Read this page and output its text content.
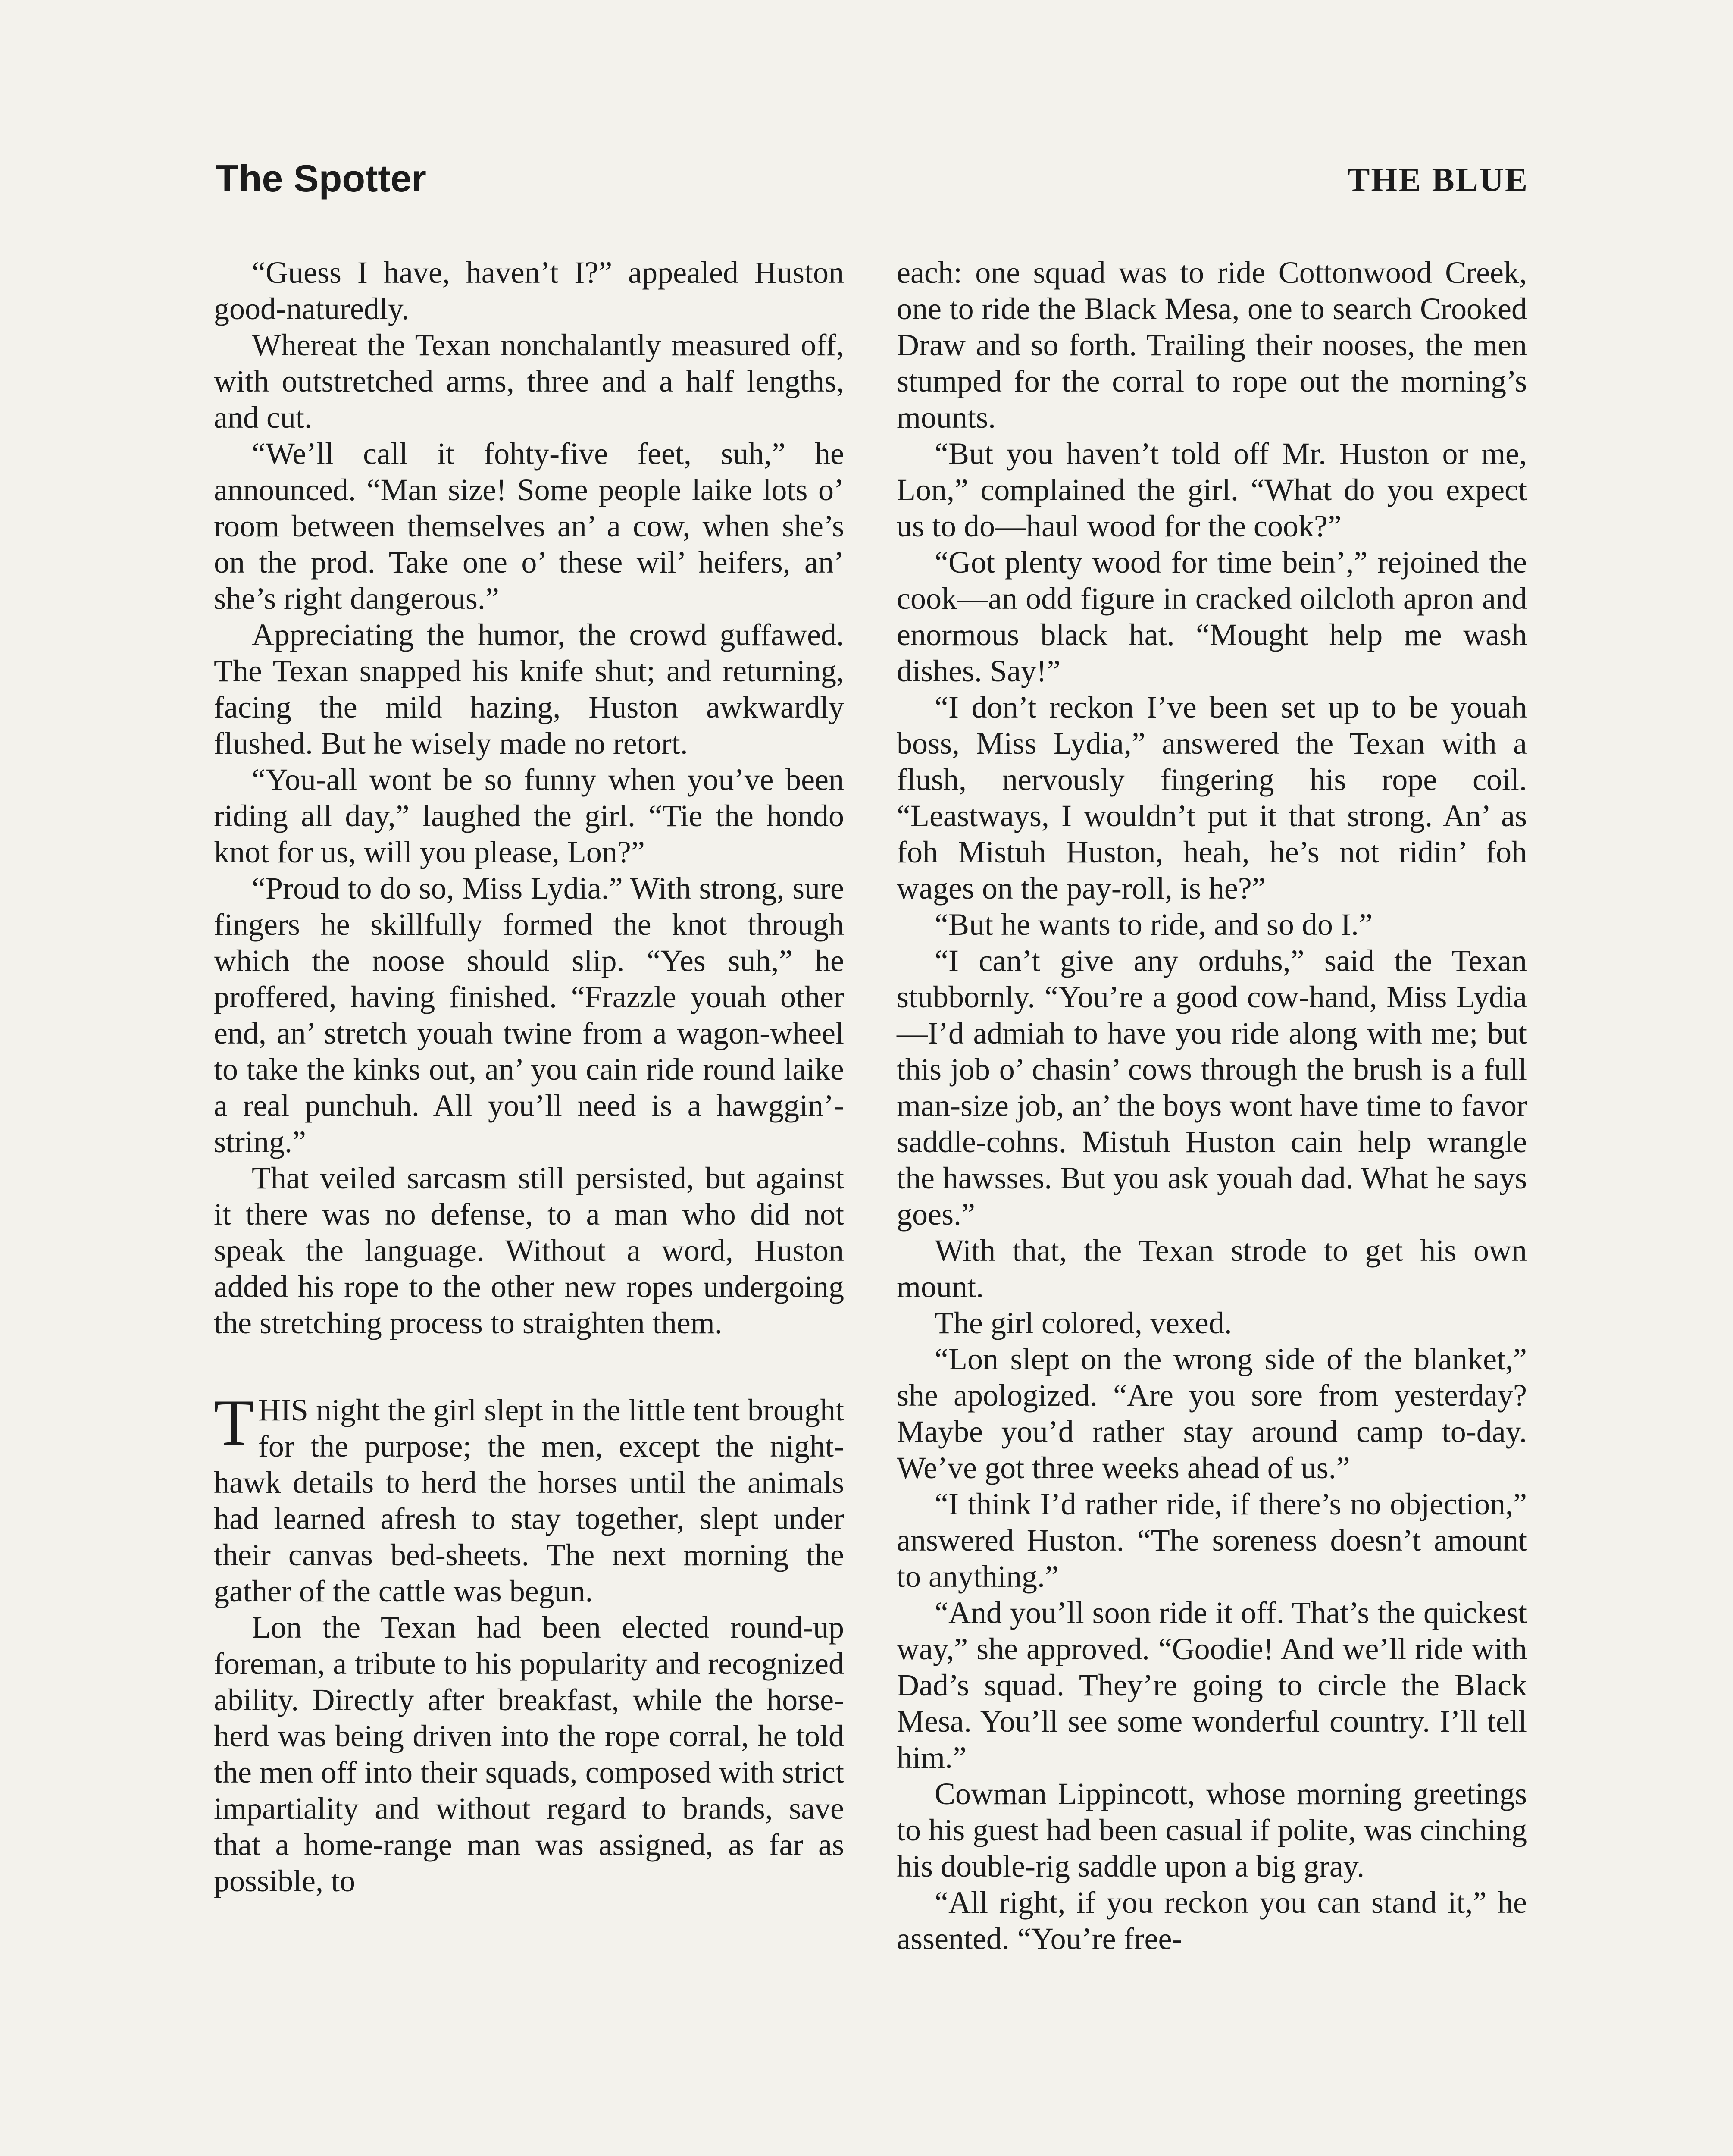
The Spotter	THE BLUE

“Guess I have, haven’t I?” appealed Huston good-naturedly.

Whereat the Texan nonchalantly measured off, with outstretched arms, three and a half lengths, and cut.

“We’ll call it fohty-five feet, suh,” he announced. “Man size! Some people laike lots o’ room between themselves an’ a cow, when she’s on the prod. Take one o’ these wil’ heifers, an’ she’s right dangerous.”

Appreciating the humor, the crowd guffawed. The Texan snapped his knife shut; and returning, facing the mild hazing, Huston awkwardly flushed. But he wisely made no retort.

“You-all wont be so funny when you’ve been riding all day,” laughed the girl. “Tie the hondo knot for us, will you please, Lon?”

“Proud to do so, Miss Lydia.” With strong, sure fingers he skillfully formed the knot through which the noose should slip. “Yes suh,” he proffered, having finished. “Frazzle youah other end, an’ stretch youah twine from a wagon-wheel to take the kinks out, an’ you cain ride round laike a real punchuh. All you’ll need is a hawggin’-string.”

That veiled sarcasm still persisted, but against it there was no defense, to a man who did not speak the language. Without a word, Huston added his rope to the other new ropes undergoing the stretching process to straighten them.

THIS night the girl slept in the little tent brought for the purpose; the men, except the night-hawk details to herd the horses until the animals had learned afresh to stay together, slept under their canvas bed-sheets. The next morning the gather of the cattle was begun.

Lon the Texan had been elected round-up foreman, a tribute to his popularity and recognized ability. Directly after breakfast, while the horse-herd was being driven into the rope corral, he told the men off into their squads, composed with strict impartiality and without regard to brands, save that a home-range man was assigned, as far as possible, to

each: one squad was to ride Cottonwood Creek, one to ride the Black Mesa, one to search Crooked Draw and so forth. Trailing their nooses, the men stumped for the corral to rope out the morning’s mounts.

“But you haven’t told off Mr. Huston or me, Lon,” complained the girl. “What do you expect us to do—haul wood for the cook?”

“Got plenty wood for time bein’,” rejoined the cook—an odd figure in cracked oilcloth apron and enormous black hat. “Mought help me wash dishes. Say!”

“I don’t reckon I’ve been set up to be youah boss, Miss Lydia,” answered the Texan with a flush, nervously fingering his rope coil. “Leastways, I wouldn’t put it that strong. An’ as foh Mistuh Huston, heah, he’s not ridin’ foh wages on the pay-roll, is he?”

“But he wants to ride, and so do I.”

“I can’t give any orduhs,” said the Texan stubbornly. “You’re a good cow-hand, Miss Lydia—I’d admiah to have you ride along with me; but this job o’ chasin’ cows through the brush is a full man-size job, an’ the boys wont have time to favor saddle-cohns. Mistuh Huston cain help wrangle the hawsses. But you ask youah dad. What he says goes.”

With that, the Texan strode to get his own mount.

The girl colored, vexed.

“Lon slept on the wrong side of the blanket,” she apologized. “Are you sore from yesterday? Maybe you’d rather stay around camp to-day. We’ve got three weeks ahead of us.”

“I think I’d rather ride, if there’s no objection,” answered Huston. “The soreness doesn’t amount to anything.”

“And you’ll soon ride it off. That’s the quickest way,” she approved. “Goodie! And we’ll ride with Dad’s squad. They’re going to circle the Black Mesa. You’ll see some wonderful country. I’ll tell him.”

Cowman Lippincott, whose morning greetings to his guest had been casual if polite, was cinching his double-rig saddle upon a big gray.

“All right, if you reckon you can stand it,” he assented. “You’re free-
